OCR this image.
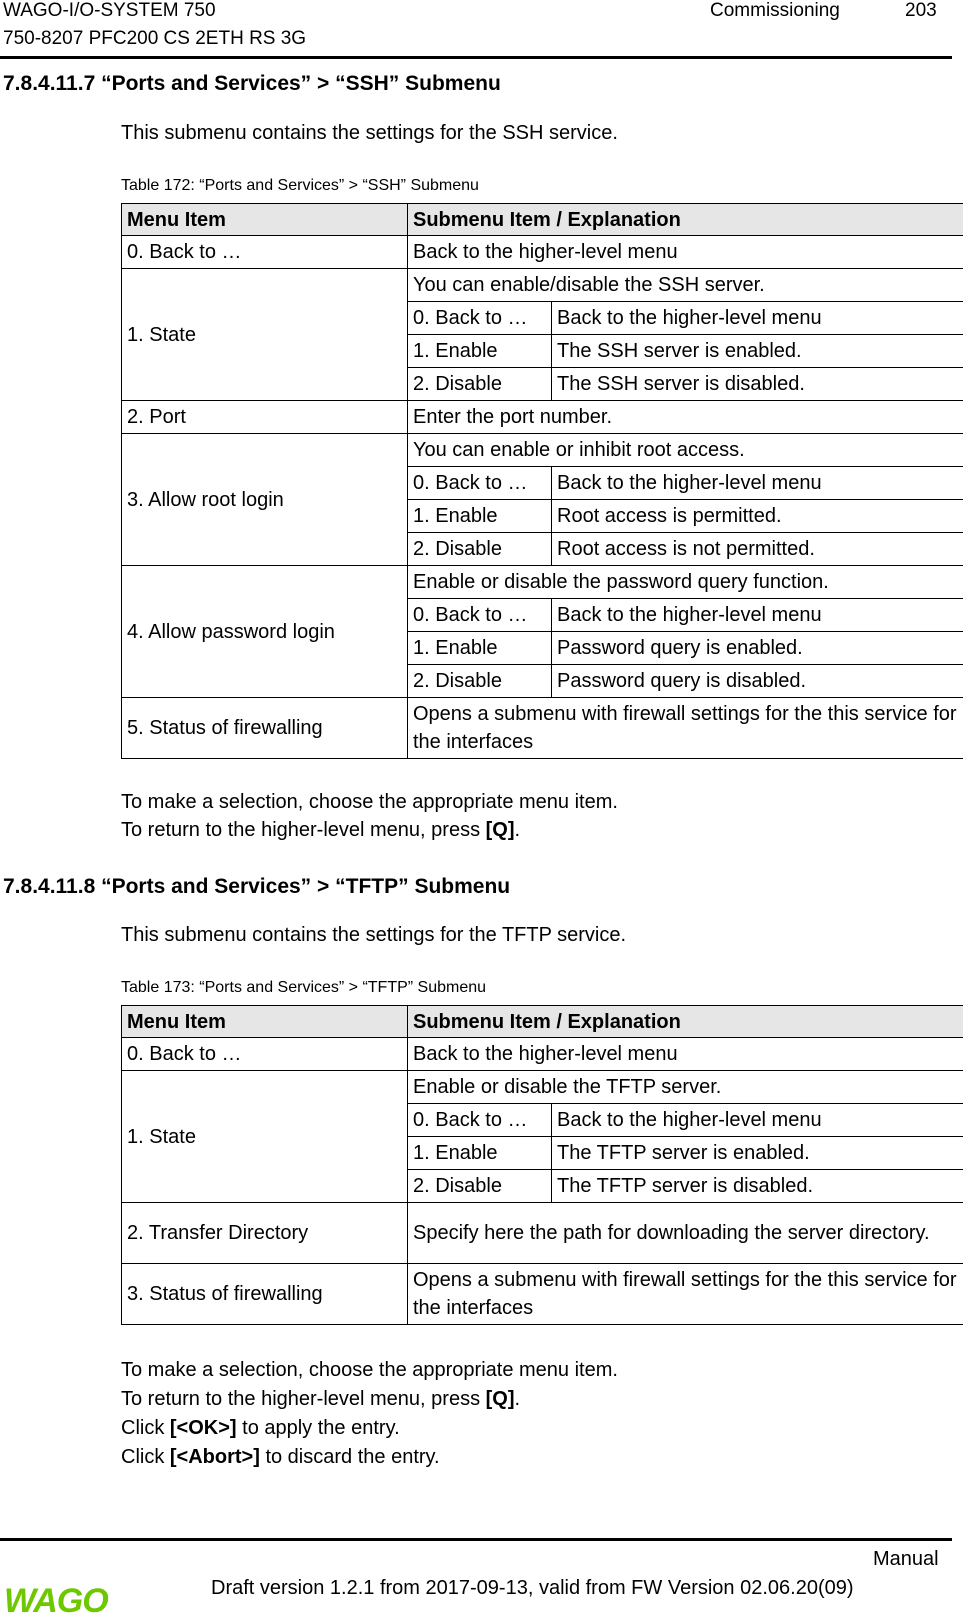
WAGO-I/O-SYSTEM 750
750-8207 PFC200 CS 2ETH RS 3G
Commissioning	203
7.8.4.11.7 “Ports and Services” > “SSH” Submenu
This submenu contains the settings for the SSH service.
Table 172: “Ports and Services” > “SSH” Submenu
Menu Item	Submenu Item / Explanation	
0. Back to …	Back to the higher-level menu	
1. State	You can enable/disable the SSH server.	
	0. Back to …	Back to the higher-level menu
	1. Enable	The SSH server is enabled.
	2. Disable	The SSH server is disabled.
2. Port	Enter the port number.	
3. Allow root login	You can enable or inhibit root access.	
	0. Back to …	Back to the higher-level menu
	1. Enable	Root access is permitted.
	2. Disable	Root access is not permitted.
4. Allow password login	Enable or disable the password query function.	
	0. Back to …	Back to the higher-level menu
	1. Enable	Password query is enabled.
	2. Disable	Password query is disabled.
5. Status of firewalling	Opens a submenu with firewall settings for the this service for the interfaces	
To make a selection, choose the appropriate menu item.
To return to the higher-level menu, press [Q].
7.8.4.11.8 “Ports and Services” > “TFTP” Submenu
This submenu contains the settings for the TFTP service.
Table 173: “Ports and Services” > “TFTP” Submenu
Menu Item	Submenu Item / Explanation	
0. Back to …	Back to the higher-level menu	
1. State	Enable or disable the TFTP server.	
	0. Back to …	Back to the higher-level menu
	1. Enable	The TFTP server is enabled.
	2. Disable	The TFTP server is disabled.
2. Transfer Directory	Specify here the path for downloading the server directory.	
3. Status of firewalling	Opens a submenu with firewall settings for the this service for the interfaces	
To make a selection, choose the appropriate menu item.
To return to the higher-level menu, press [Q].
Click [<OK>] to apply the entry.
Click [<Abort>] to discard the entry.
Manual
Draft version 1.2.1 from 2017-09-13, valid from FW Version 02.06.20(09)
WAGO
